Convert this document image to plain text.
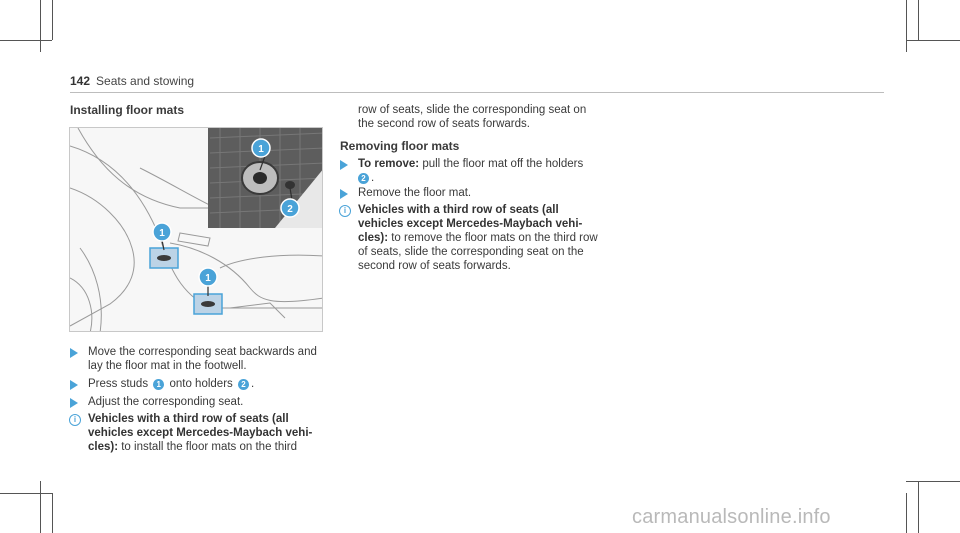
142 Seats and stowing
Installing floor mats
1
1
1
2
Move the corresponding seat backwards and lay the floor mat in the footwell.
Press studs 1 onto holders 2 .
Adjust the corresponding seat.
i	Vehicles with a third row of seats (all vehicles except Mercedes-Maybach vehi-cles): to install the floor mats on the third
row of seats, slide the corresponding seat on the second row of seats forwards.
Removing floor mats
To remove: pull the floor mat off the holders
2 .
Remove the floor mat.
i	Vehicles with a third row of seats (all vehicles except Mercedes-Maybach vehi-cles): to remove the floor mats on the third row of seats, slide the corresponding seat on the second row of seats forwards.
carmanualsonline.info
